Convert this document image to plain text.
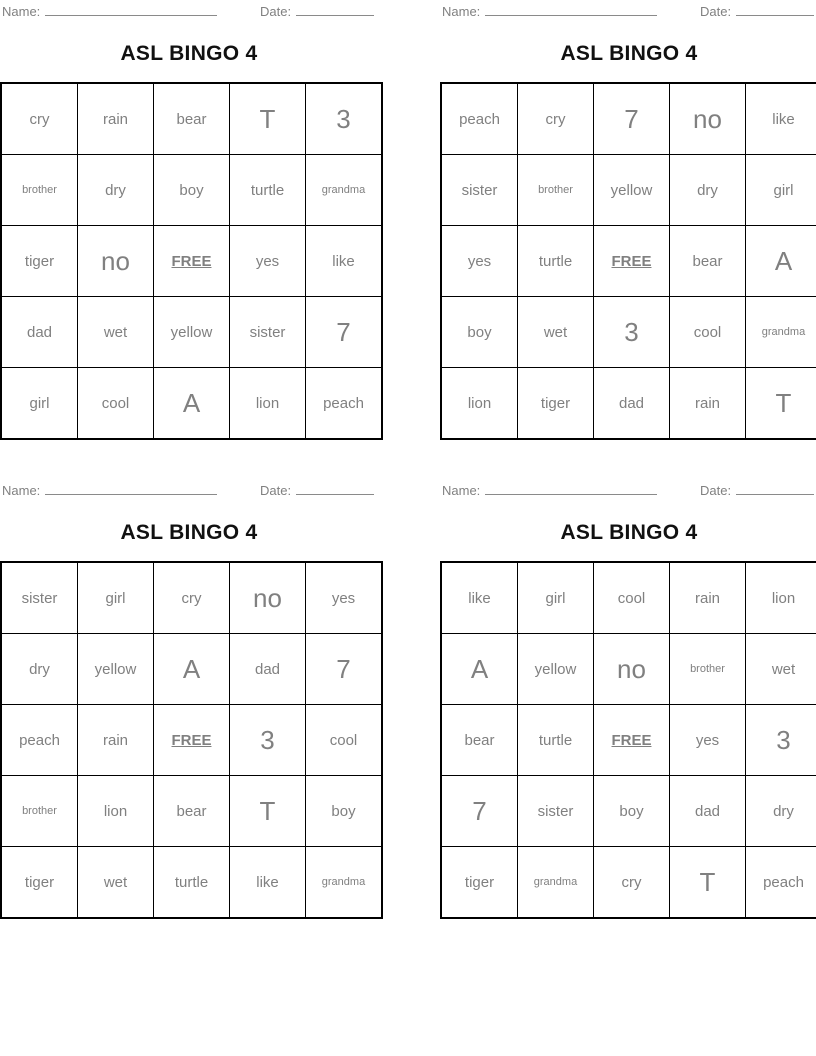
Name:	Date:
ASL BINGO 4
cry	rain	bear	T	3
brother	dry	boy	turtle	grandma
tiger	no	FREE	yes	like
dad	wet	yellow	sister	7
girl	cool	A	lion	peach
Name:	Date:
ASL BINGO 4
peach	cry	7	no	like
sister	brother	yellow	dry	girl
yes	turtle	FREE	bear	A
boy	wet	3	cool	grandma
lion	tiger	dad	rain	T
Name:	Date:
ASL BINGO 4
sister	girl	cry	no	yes
dry	yellow	A	dad	7
peach	rain	FREE	3	cool
brother	lion	bear	T	boy
tiger	wet	turtle	like	grandma
Name:	Date:
ASL BINGO 4
like	girl	cool	rain	lion
A	yellow	no	brother	wet
bear	turtle	FREE	yes	3
7	sister	boy	dad	dry
tiger	grandma	cry	T	peach
